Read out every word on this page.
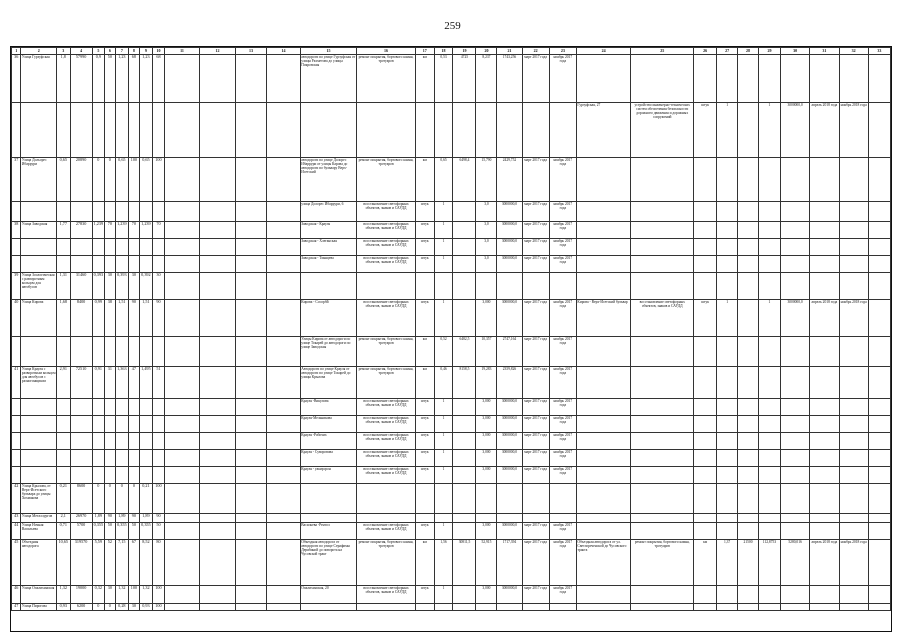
259
1	2	3	4	5	6	7	8	9	10	11	12	13	14	15	16	17	18	19	20	21	22	23	24	25	26	27	28	29	30	31	32	33
36	Улица Гурзуфская	1,8	57990	0,9	50	1,23	68	1,23	68					автодороги по улице Гурзуфская от улицы Рахметова до улицы Покровская	ремонт покрытия, бортового камня, тротуаров	км	0,53	4725	8,237	1743,256	март 2017 года	ноябрь 2017 года										
																							Гурзуфская, 27	устройство инженерно-технических систем обеспечения безопасности дорожного движения и дорожных сооружений	штук	1		1	3000000,0	апрель 2018 года	ноябрь 2018 года	
37	Улица Дольорес Ибаррури	0,65	20890	0	0	0,65	100	0,65	100					автодороги по улице Долорес Ибаррури от улицы Карова до автодороги по бульвару Верх-Исетский	ремонт покрытия, бортового камня, тротуаров	км	0,65	6498,4	15,790	2429,752	март 2017 года	ноябрь 2017 года										
														улица Долорес Ибаррури, 6	восстановление светофорных объектов, знаков и САУДД	штук	1		3,0	3000000,0	март 2017 года	ноябрь 2017 года										
38	Улица Заводская	1,77	27830	1,239	70	1,239	70	1,239	70					Заводская - Крауля	восстановление светофорных объектов, знаков и САУДД	штук	1		3,0	3000000,0	март 2017 года	ноябрь 2017 года										
														Заводская - Хлеганская	восстановление светофорных объектов, знаков и САУДД	штук	1		3,0	3000000,0	март 2017 года	ноябрь 2017 года										
														Заводская - Тиянцева	восстановление светофорных объектов, знаков и САУДД	штук	1		3,0	3000000,0	март 2017 года	ноябрь 2017 года										
39	Улица Зоологическая с разворотным кольцом для автобусов	1,31	31460	0,393	30	0,393	30	0,392	30																							
40	Улица Кирова	1,68	8400	0,99	38	1,51	90	1,51	90					Кирова - Сосорбй	восстановление светофорных объектов, знаков и САУДД	штук	1		3,000	3000000,0	март 2017 года	ноябрь 2017 года	Кирова - Верх-Исетский бульвар	восстановление светофорных объектов, знаков и САУДД	штук	1		1	3000000,0	апрель 2018 года	ноябрь 2018 года	
														Улицы Кирова от автодороги по улице Токарей до автодороги по улице Заводская	ремонт покрытия, бортового камня, тротуаров	км	0,52	6482,5	10,357	2747,164	март 2017 года	ноябрь 2017 года										
41	Улица Крауля с разворотным кольцом для автобусов с разногонщиком	2,91	72510	0,91	31	1,363	47	1,495	51					Автодороги по улице Крауля от автодороги по улице Токарей до улицы Крылова	ремонт покрытия, бортового камня, тротуаров	км	0,46	8158,5	19,283	2359,826	март 2017 года	ноябрь 2017 года										
														Крауля -Викулова	восстановление светофорных объектов, знаков и САУДД	штук	1		3,000	3000000,0	март 2017 года	ноябрь 2017 года										
														Крауля-Мельникова	восстановление светофорных объектов, знаков и САУДД	штук	1		3,000	3000000,0	март 2017 года	ноябрь 2017 года										
														Крауля -Рабочих	восстановление светофорных объектов, знаков и САУДД	штук	1		3,000	3000000,0	март 2017 года	ноябрь 2017 года										
														Крауля - Суворовова	восстановление светофорных объектов, знаков и САУДД	штук	1		3,000	3000000,0	март 2017 года	ноябрь 2017 года										
														Крауля - уакирсрон	восстановление светофорных объектов, знаков и САУДД	штук	1		3,000	3000000,0	март 2017 года	ноябрь 2017 года										
42	Улица Крылова, от Верх-Исетского бульвара до улицы Хохмакова	0,21	8600	0	0	0	0	0,21	100																							
43	Улица Металлургов	2,1	26970	1,89	90	1,89	90	1,89	90																							
44	Улица Ночная Васильева	0,71	5700	0,355	50	0,355	50	0,355	50					Васильева -Рентол	восстановление светофорных объектов, знаков и САУДД	штук	1		3,000	3000000,0	март 2017 года	ноябрь 2017 года										
45	Объездная автодорога	10,65	319570	5,59	52	7,15	67	8,52	80					Объездная автодорога от автодороги по улице Серафимы Дерябиной до поворота на Чусовской тракт	ремонт покрытия, бортового камня, тротуаров	км	1,56	30811,5	52,915	1717,394	март 2017 года	ноябрь 2017 года	Объездная автодорога от ул. Светлореченской до Чусовского тракта	ремонт покрытия, бортового камня, тротуаров	км	1,37	21500	112,8753	5280,016	апрель 2018 года	ноябрь 2018 года	
46	Улица Опалихинская	1,32	19000	0,32	30	1,32	100	1,32	100					Опалихинская, 20	восстановление светофорных объектов, знаков и САУДД	штук	1		3,000	3000000,0	март 2017 года	ноябрь 2017 года										
47	Улица Пирогова	0,93	6200	0	0	0,28	30	0,93	100																							
